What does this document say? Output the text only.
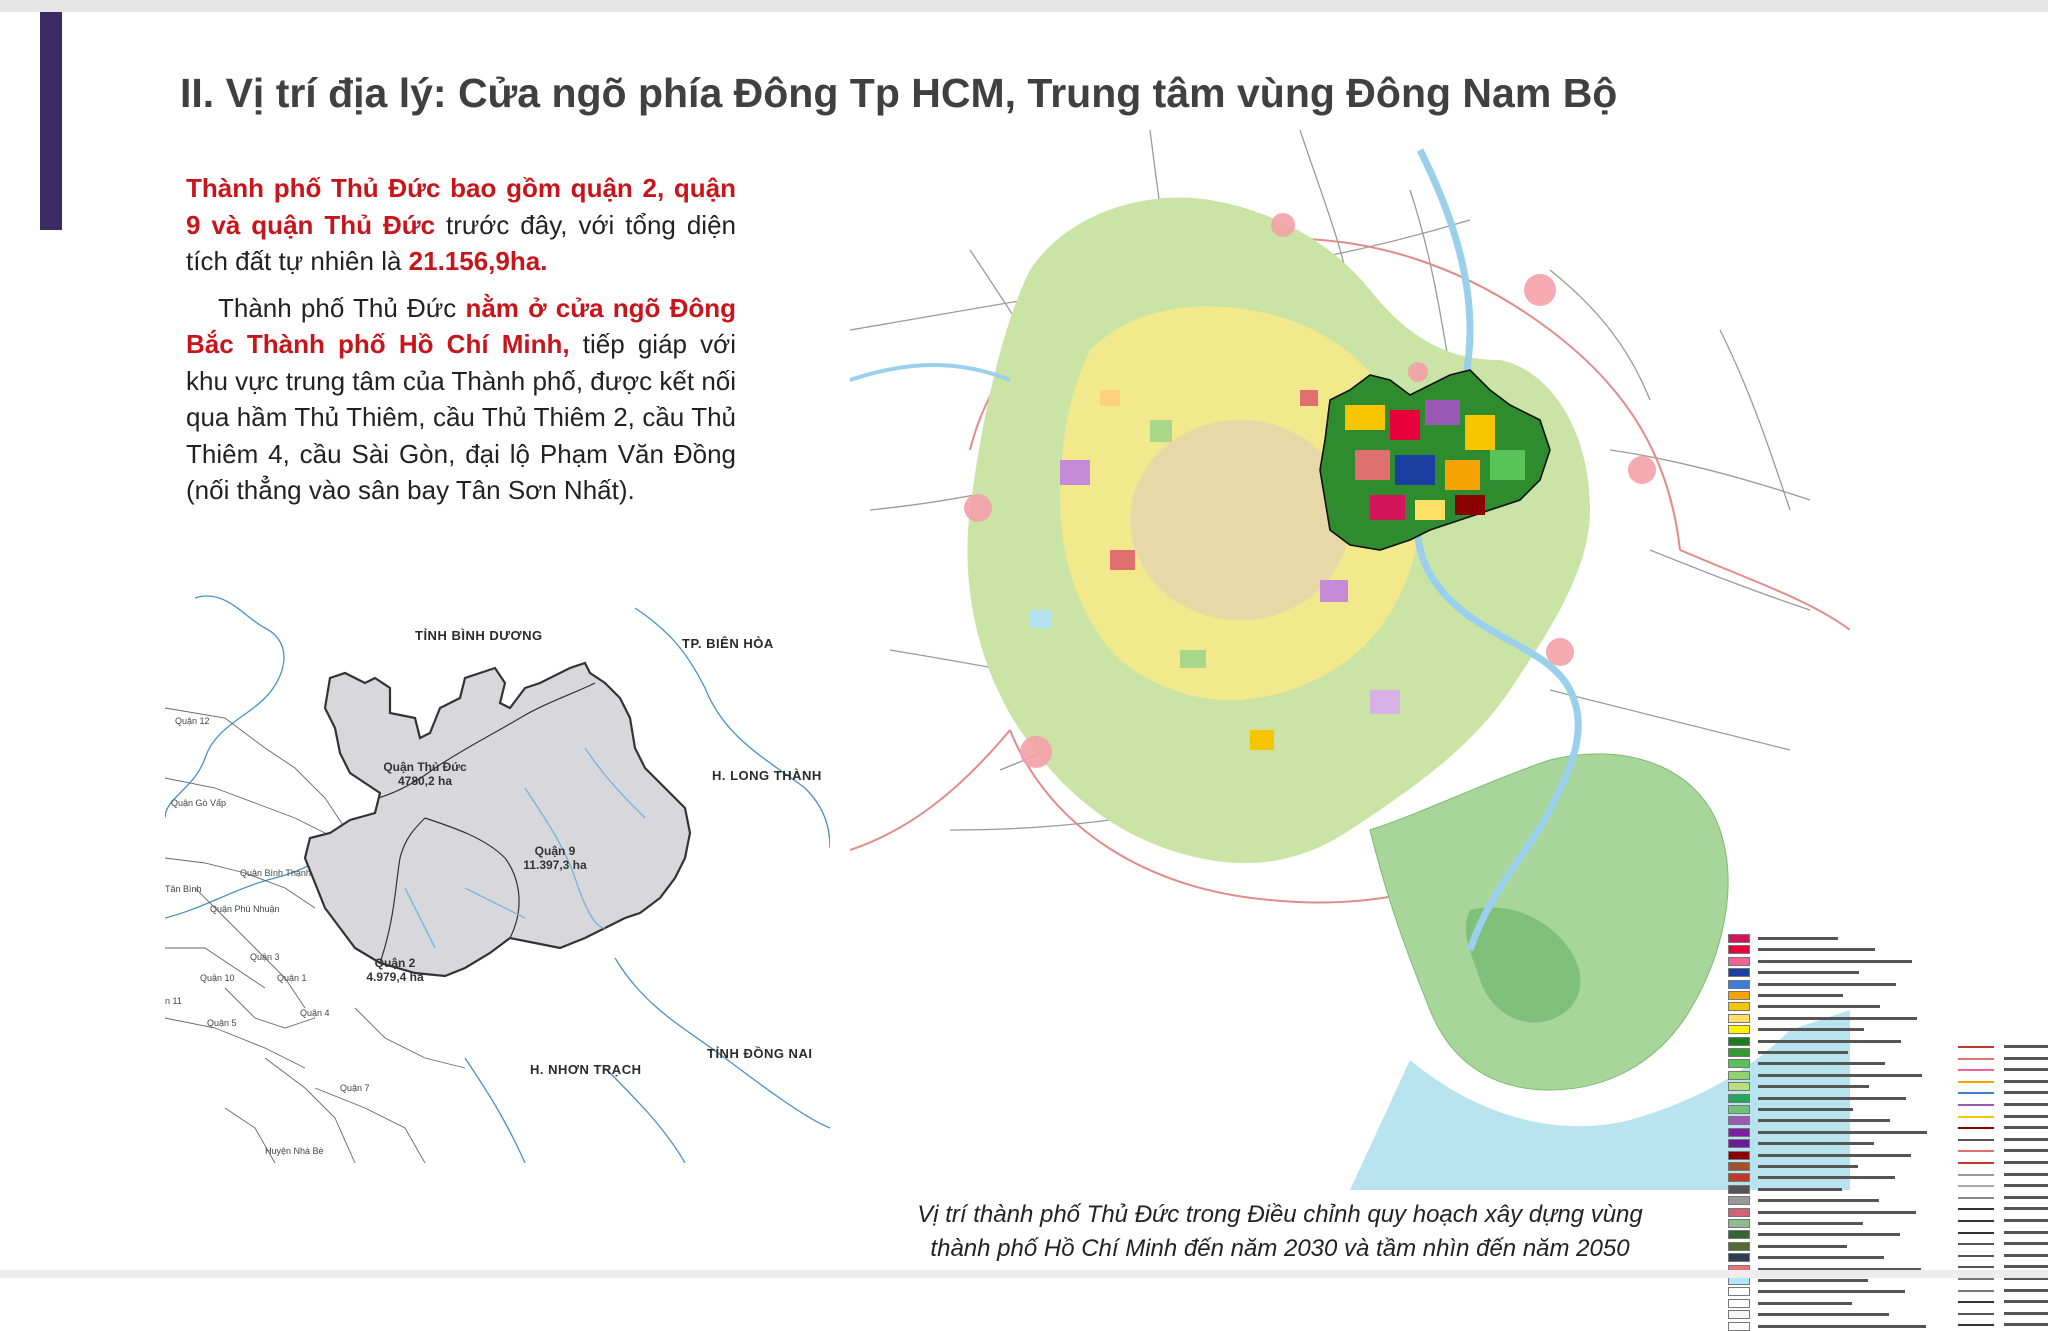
II. Vị trí địa lý: Cửa ngõ phía Đông Tp HCM, Trung tâm vùng Đông Nam Bộ

Thành phố Thủ Đức bao gồm quận 2, quận 9 và quận Thủ Đức trước đây, với tổng diện tích đất tự nhiên là 21.156,9ha.

Thành phố Thủ Đức nằm ở cửa ngõ Đông Bắc Thành phố Hồ Chí Minh, tiếp giáp với khu vực trung tâm của Thành phố, được kết nối qua hầm Thủ Thiêm, cầu Thủ Thiêm 2, cầu Thủ Thiêm 4, cầu Sài Gòn, đại lộ Phạm Văn Đồng (nối thẳng vào sân bay Tân Sơn Nhất).

TỈNH BÌNH DƯƠNG
TP. BIÊN HÒA
H. LONG THÀNH
TỈNH ĐỒNG NAI
H. NHƠN TRẠCH
Quận Thủ Đức
4780,2 ha
Quận 9
11.397,3 ha
Quận 2
4.979,4 ha
Quận 12
Quận Gò Vấp
Quận Bình Thạnh
Tân Bình
Quận Phú Nhuận
Quận 3
Quận 10	Quận 1
n 11
Quận 4
Quận 5
Quận 7
Huyện Nhà Bè
Vị trí thành phố Thủ Đức trong Điều chỉnh quy hoạch xây dựng vùng
thành phố Hồ Chí Minh đến năm 2030 và tầm nhìn đến năm 2050
